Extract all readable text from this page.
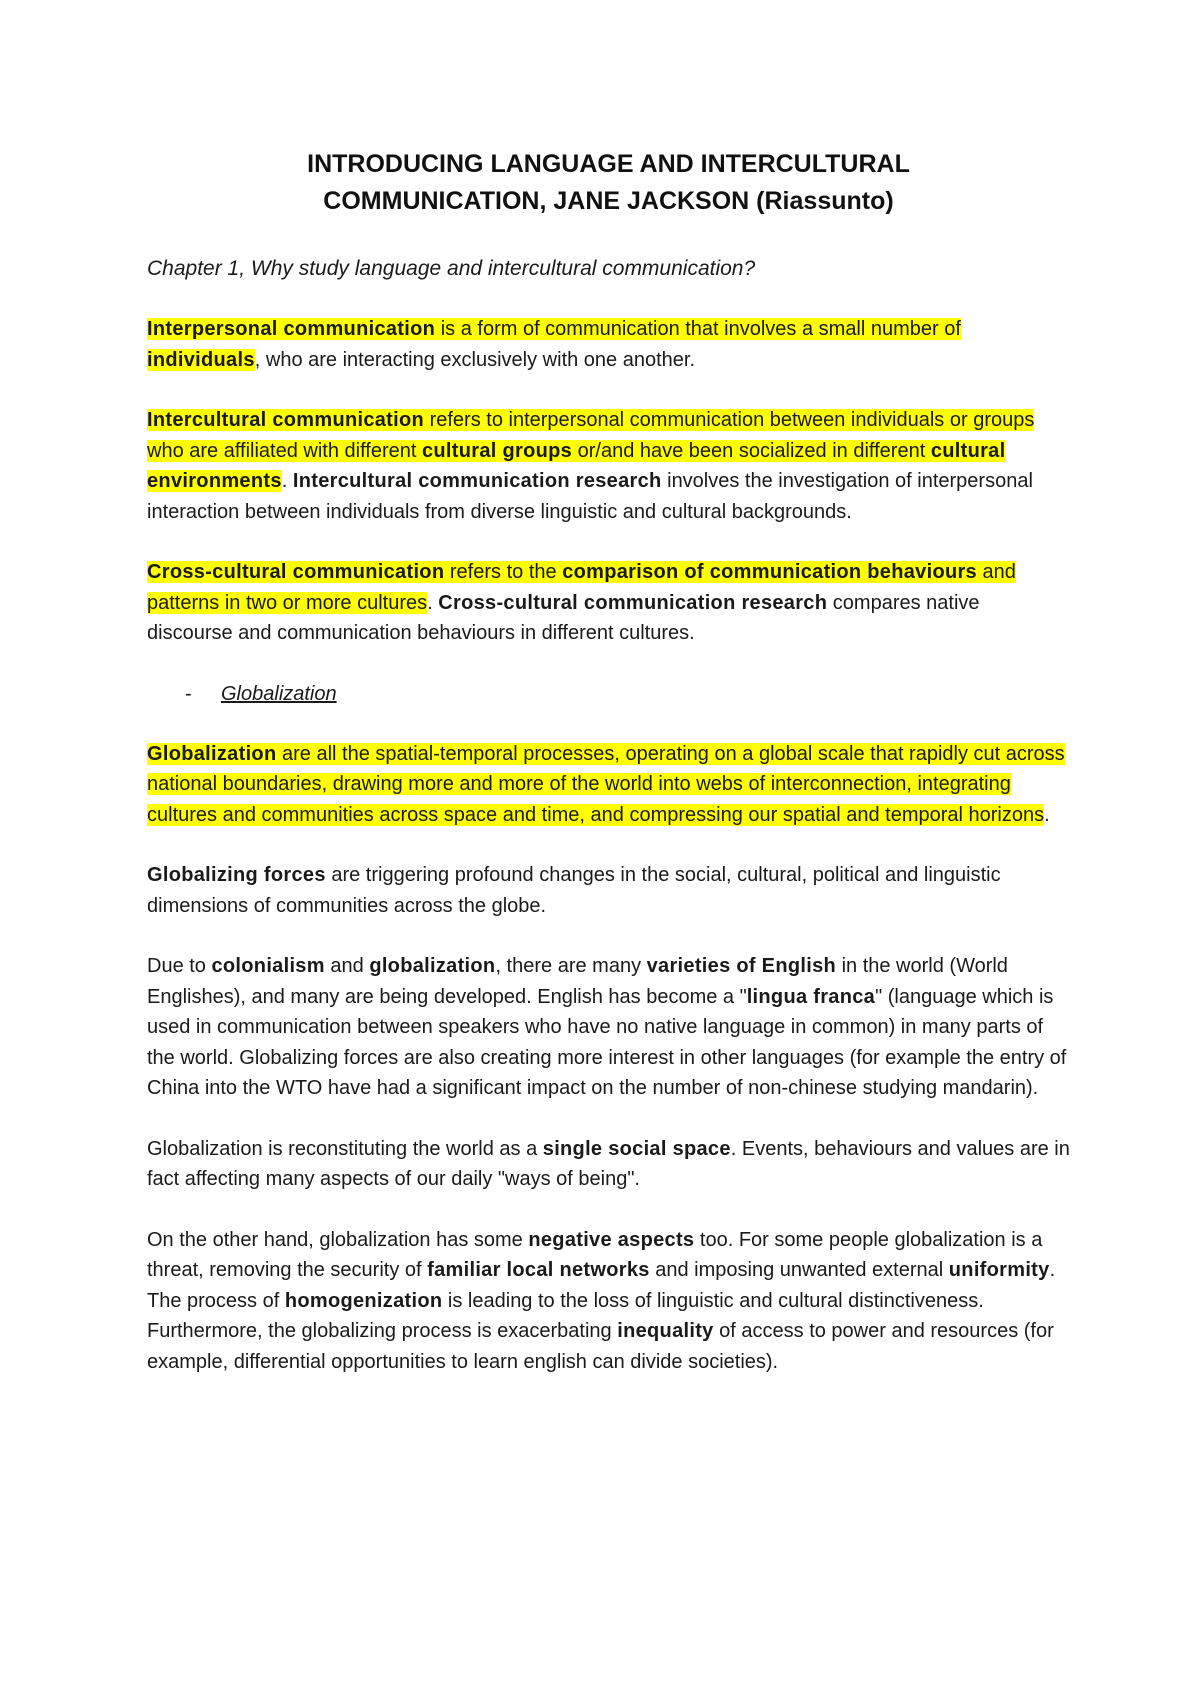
INTRODUCING LANGUAGE AND INTERCULTURAL
COMMUNICATION, JANE JACKSON (Riassunto)

Chapter 1, Why study language and intercultural communication?

Interpersonal communication is a form of communication that involves a small number of individuals, who are interacting exclusively with one another.

Intercultural communication refers to interpersonal communication between individuals or groups who are affiliated with different cultural groups or/and have been socialized in different cultural environments. Intercultural communication research involves the investigation of interpersonal interaction between individuals from diverse linguistic and cultural backgrounds.

Cross-cultural communication refers to the comparison of communication behaviours and patterns in two or more cultures. Cross-cultural communication research compares native discourse and communication behaviours in different cultures.

-	Globalization

Globalization are all the spatial-temporal processes, operating on a global scale that rapidly cut across national boundaries, drawing more and more of the world into webs of interconnection, integrating cultures and communities across space and time, and compressing our spatial and temporal horizons.

Globalizing forces are triggering profound changes in the social, cultural, political and linguistic dimensions of communities across the globe.

Due to colonialism and globalization, there are many varieties of English in the world (World Englishes), and many are being developed. English has become a "lingua franca" (language which is used in communication between speakers who have no native language in common) in many parts of the world. Globalizing forces are also creating more interest in other languages (for example the entry of China into the WTO have had a significant impact on the number of non-chinese studying mandarin).

Globalization is reconstituting the world as a single social space. Events, behaviours and values are in fact affecting many aspects of our daily "ways of being".

On the other hand, globalization has some negative aspects too. For some people globalization is a threat, removing the security of familiar local networks and imposing unwanted external uniformity. The process of homogenization is leading to the loss of linguistic and cultural distinctiveness. Furthermore, the globalizing process is exacerbating inequality of access to power and resources (for example, differential opportunities to learn english can divide societies).
